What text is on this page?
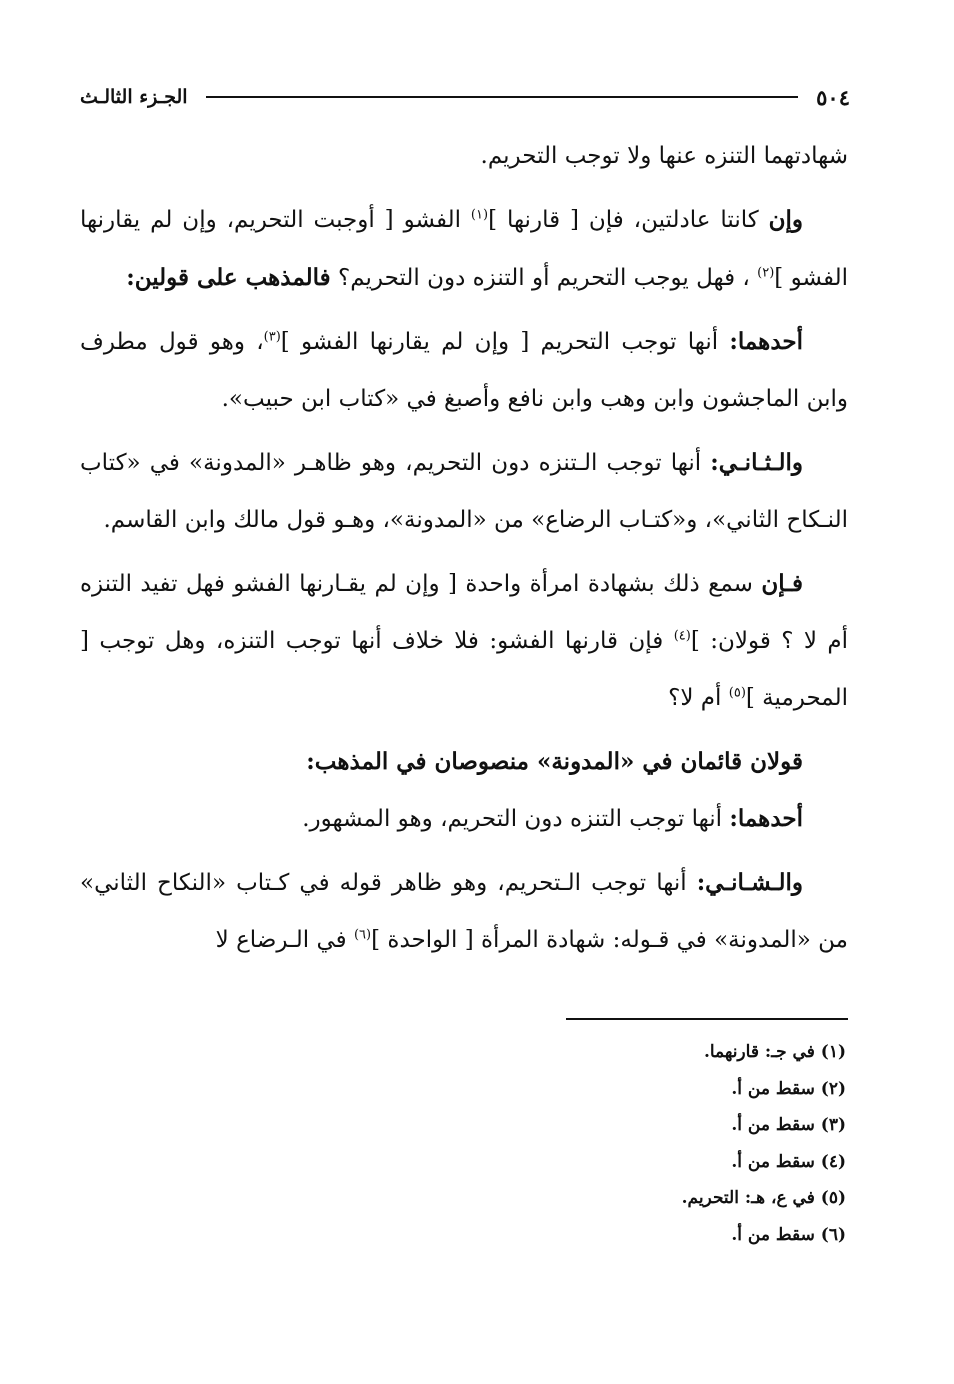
الجـزء الثالـث	٥٠٤

شهادتهما التنزه عنها ولا توجب التحريم.

وإن كانتا عادلتين، فإن [ قارنها ]$^{(١)}$ الفشو [ أوجبت التحريم، وإن لم يقارنها الفشو ]$^{(٢)}$ ، فهل يوجب التحريم أو التنزه دون التحريم؟ فالمذهب على قولين:

أحدهما: أنها توجب التحريم [ وإن لم يقارنها الفشو ]$^{(٣)}$، وهو قول مطرف وابن الماجشون وابن وهب وابن نافع وأصبغ في «كتاب ابن حبيب».

والـثـانـي: أنها توجب الـتنزه دون التحريم، وهو ظاهـر «المدونة» في «كتاب النـكاح الثاني»، و«كتـاب الرضاع» من «المدونة»، وهـو قول مالك وابن القاسم.

فـإن سمع ذلك بشهادة امرأة واحدة [ وإن لم يقـارنها الفشو فهل تفيد التنزه أم لا ؟ قولان: ]$^{(٤)}$ فإن قارنها الفشو: فلا خلاف أنها توجب التنزه، وهل توجب [ المحرمية ]$^{(٥)}$ أم لا؟

قولان قائمان في «المدونة» منصوصان في المذهب:

أحدهما: أنها توجب التنزه دون التحريم، وهو المشهور.

والـشـانـي: أنها توجب الـتحريم، وهو ظاهر قوله في كـتاب «النكاح الثاني» من «المدونة» في قـوله: شهادة المرأة [ الواحدة ]$^{(٦)}$ في الـرضاع لا

(١) في جـ: قارنهما.
(٢) سقط من أ.
(٣) سقط من أ.
(٤) سقط من أ.
(٥) في ع، هـ: التحريم.
(٦) سقط من أ.
